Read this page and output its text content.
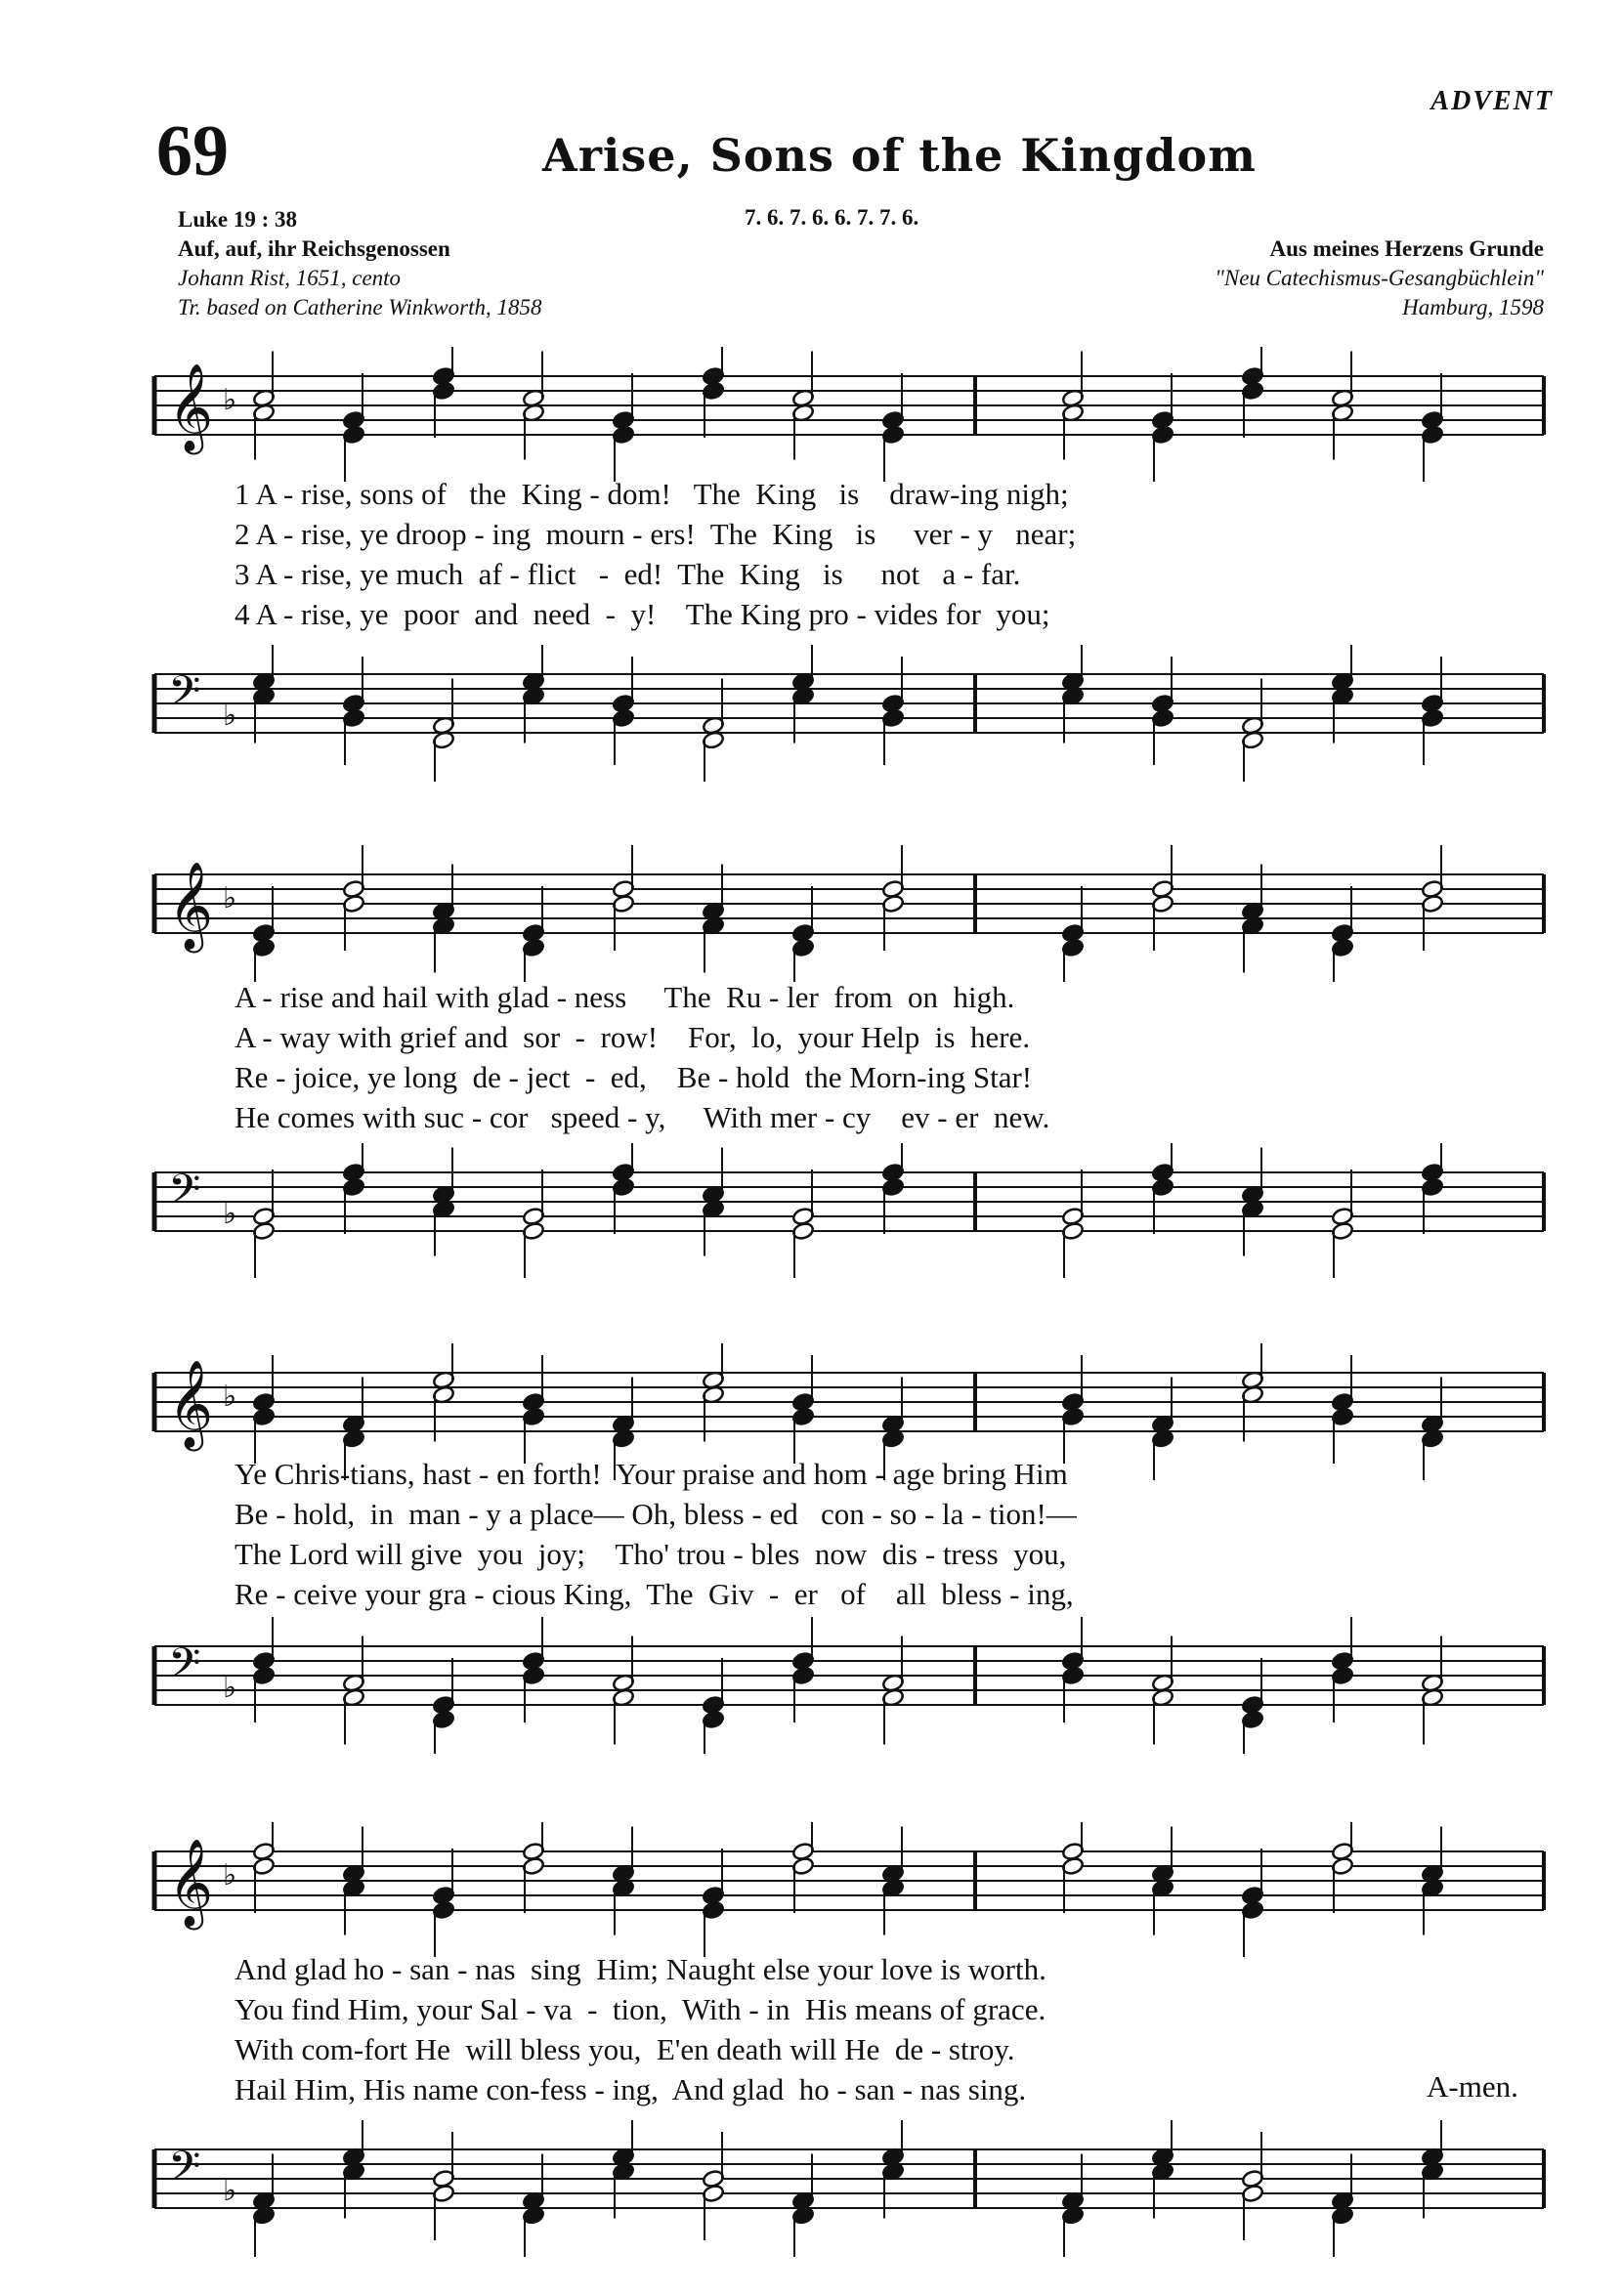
ADVENT
69	Arise, Sons of the Kingdom
Luke 19 : 38
Auf, auf, ihr Reichsgenossen
Johann Rist, 1651, cento
Tr. based on Catherine Winkworth, 1858
7. 6. 7. 6. 6. 7. 7. 6.
Aus meines Herzens Grunde
"Neu Catechismus-Gesangbüchlein"
Hamburg, 1598
𝄞 ♭
1 A - rise, sons of   the  King - dom!   The  King   is    draw-ing nigh;
2 A - rise, ye droop - ing  mourn - ers!  The  King   is     ver - y   near;
3 A - rise, ye much  af - flict   -  ed!  The  King   is     not   a - far.
4 A - rise, ye  poor  and  need  -  y!    The King pro - vides for  you;
𝄢 ♭
𝄞 ♭
A - rise and hail with glad - ness     The  Ru - ler  from  on  high.
A - way with grief and  sor  -  row!    For,  lo,  your Help  is  here.
Re - joice, ye long  de - ject  -  ed,    Be - hold  the Morn-ing Star!
He comes with suc - cor   speed - y,     With mer - cy    ev - er  new.
𝄢 ♭
𝄞 ♭
Ye Chris-tians, hast - en forth!  Your praise and hom - age bring Him
Be - hold,  in  man - y a place— Oh, bless - ed   con - so - la - tion!—
The Lord will give  you  joy;    Tho' trou - bles  now  dis - tress  you,
Re - ceive your gra - cious King,  The  Giv  -  er   of    all  bless - ing,
𝄢 ♭
𝄞 ♭
And glad ho - san - nas  sing  Him; Naught else your love is worth.
You find Him, your Sal - va  -  tion,  With - in  His means of grace.
With com-fort He  will bless you,  E'en death will He  de - stroy.
Hail Him, His name con-fess - ing,  And glad  ho - san - nas sing.	A-men.
𝄢 ♭
